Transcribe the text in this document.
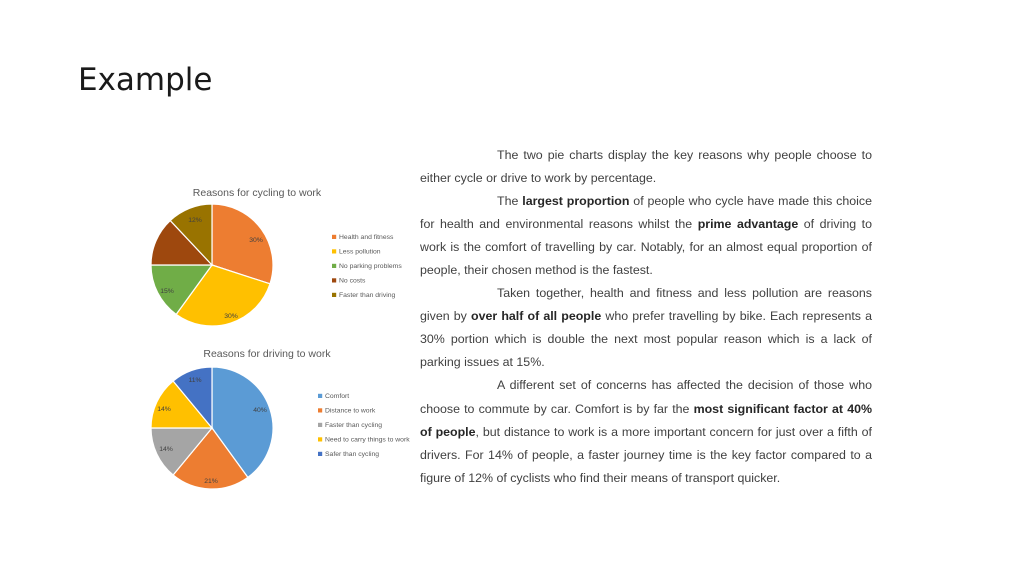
Example
Reasons for cycling to work
30%
30%
15%
12%
Health and fitness
Less pollution
No parking problems
No costs
Faster than driving
Reasons for driving to work
40%
21%
14%
14%
11%
Comfort
Distance to work
Faster than cycling
Need to carry things to work
Safer than cycling

The two pie charts display the key reasons why people choose to either cycle or drive to work by percentage.

The largest proportion of people who cycle have made this choice for health and environmental reasons whilst the prime advantage of driving to work is the comfort of travelling by car. Notably, for an almost equal proportion of people, their chosen method is the fastest.

Taken together, health and fitness and less pollution are reasons given by over half of all people who prefer travelling by bike. Each represents a 30% portion which is double the next most popular reason which is a lack of parking issues at 15%.

A different set of concerns has affected the decision of those who choose to commute by car. Comfort is by far the most significant factor at 40% of people, but distance to work is a more important concern for just over a fifth of drivers. For 14% of people, a faster journey time is the key factor compared to a figure of 12% of cyclists who find their means of transport quicker.
